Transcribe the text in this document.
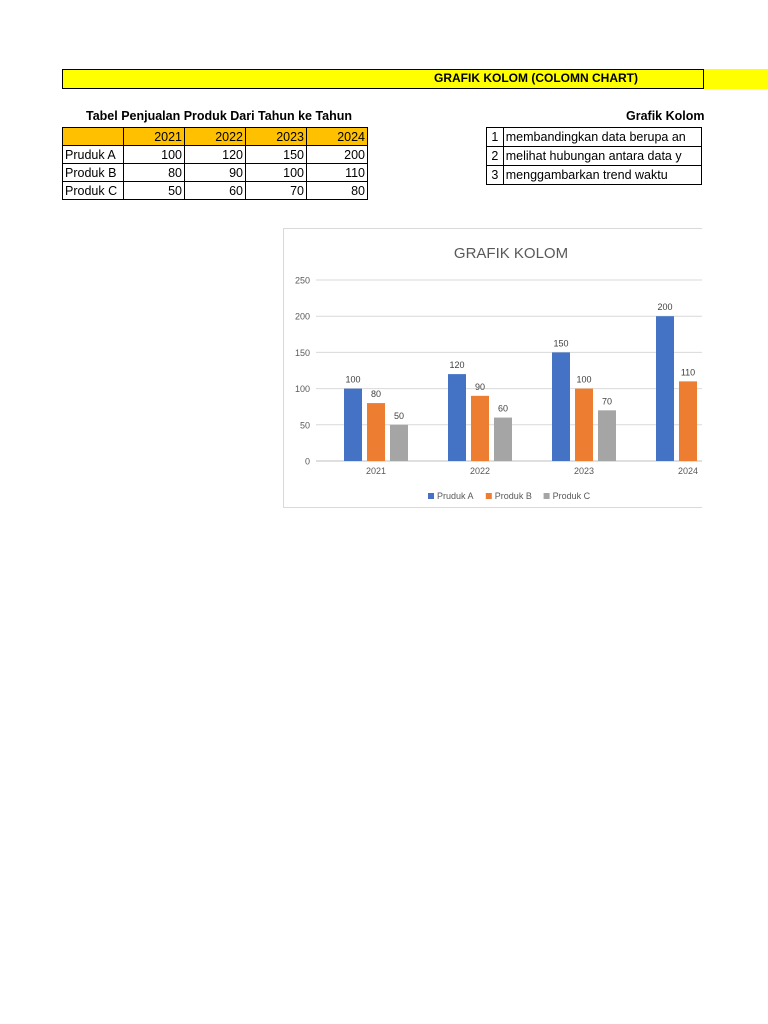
GRAFIK KOLOM (COLOMN CHART)
Tabel Penjualan Produk Dari Tahun ke Tahun
	2021	2022	2023	2024
Pruduk A	100	120	150	200
Produk B	80	90	100	110
Produk C	50	60	70	80
Grafik Kolom
1	membandingkan data berupa an
2	melihat hubungan antara data y
3	menggambarkan trend waktu
GRAFIK KOLOM
0
50
100
150
200
250
100
80
50
2021
120
90
60
2022
150
100
70
2023
200
110
80
2024
Pruduk A Produk B Produk C
